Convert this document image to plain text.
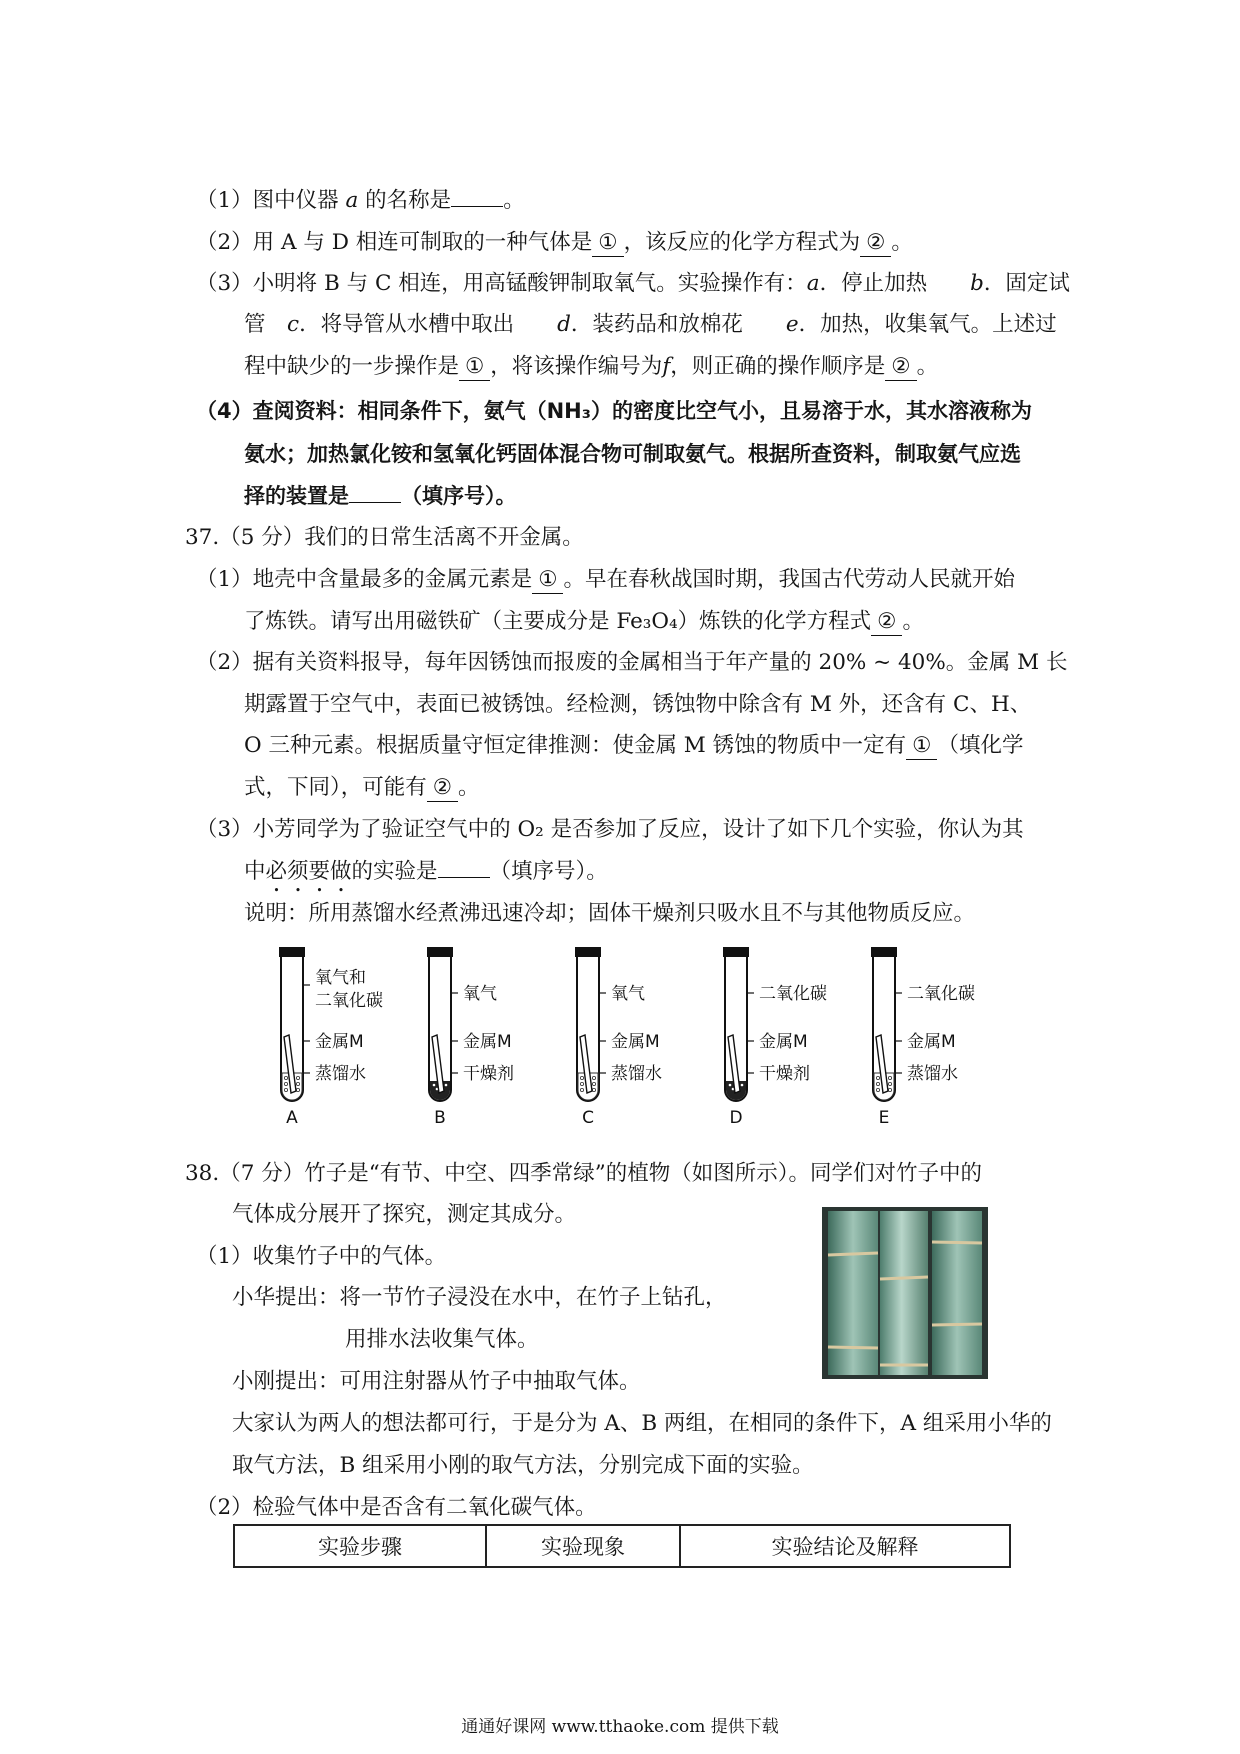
（1）图中仪器 a 的名称是 。
（2）用 A 与 D 相连可制取的一种气体是 ① ，该反应的化学方程式为 ② 。
（3）小明将 B 与 C 相连，用高锰酸钾制取氧气。实验操作有：a．停止加热　　b．固定试
管　c．将导管从水槽中取出　　d．装药品和放棉花　　e．加热，收集氧气。上述过
程中缺少的一步操作是 ① ，将该操作编号为f，则正确的操作顺序是 ② 。
（4）查阅资料：相同条件下，氨气（NH₃）的密度比空气小，且易溶于水，其水溶液称为
氨水；加热氯化铵和氢氧化钙固体混合物可制取氨气。根据所查资料，制取氨气应选
择的装置是 （填序号）。
37.（5 分）我们的日常生活离不开金属。
（1）地壳中含量最多的金属元素是 ① 。早在春秋战国时期，我国古代劳动人民就开始
了炼铁。请写出用磁铁矿（主要成分是 Fe₃O₄）炼铁的化学方程式 ② 。
（2）据有关资料报导，每年因锈蚀而报废的金属相当于年产量的 20% ~ 40%。金属 M 长
期露置于空气中，表面已被锈蚀。经检测，锈蚀物中除含有 M 外，还含有 C、H、
O 三种元素。根据质量守恒定律推测：使金属 M 锈蚀的物质中一定有 ① （填化学
式，下同），可能有 ② 。
（3）小芳同学为了验证空气中的 O₂ 是否参加了反应，设计了如下几个实验，你认为其
中必须要做的实验是 （填序号）。
说明：所用蒸馏水经煮沸迅速冷却；固体干燥剂只吸水且不与其他物质反应。
氧气和
二氧化碳
金属M
蒸馏水
A
氧气
金属M
干燥剂
B
氧气
金属M
蒸馏水
C
二氧化碳
金属M
干燥剂
D
二氧化碳
金属M
蒸馏水
E
38.（7 分）竹子是“有节、中空、四季常绿”的植物（如图所示）。同学们对竹子中的
气体成分展开了探究，测定其成分。
（1）收集竹子中的气体。
小华提出：将一节竹子浸没在水中，在竹子上钻孔，
用排水法收集气体。
小刚提出：可用注射器从竹子中抽取气体。
大家认为两人的想法都可行，于是分为 A、B 两组，在相同的条件下，A 组采用小华的
取气方法，B 组采用小刚的取气方法，分别完成下面的实验。
（2）检验气体中是否含有二氧化碳气体。
实验步骤	实验现象	实验结论及解释
通通好课网 www.tthaoke.com 提供下载
